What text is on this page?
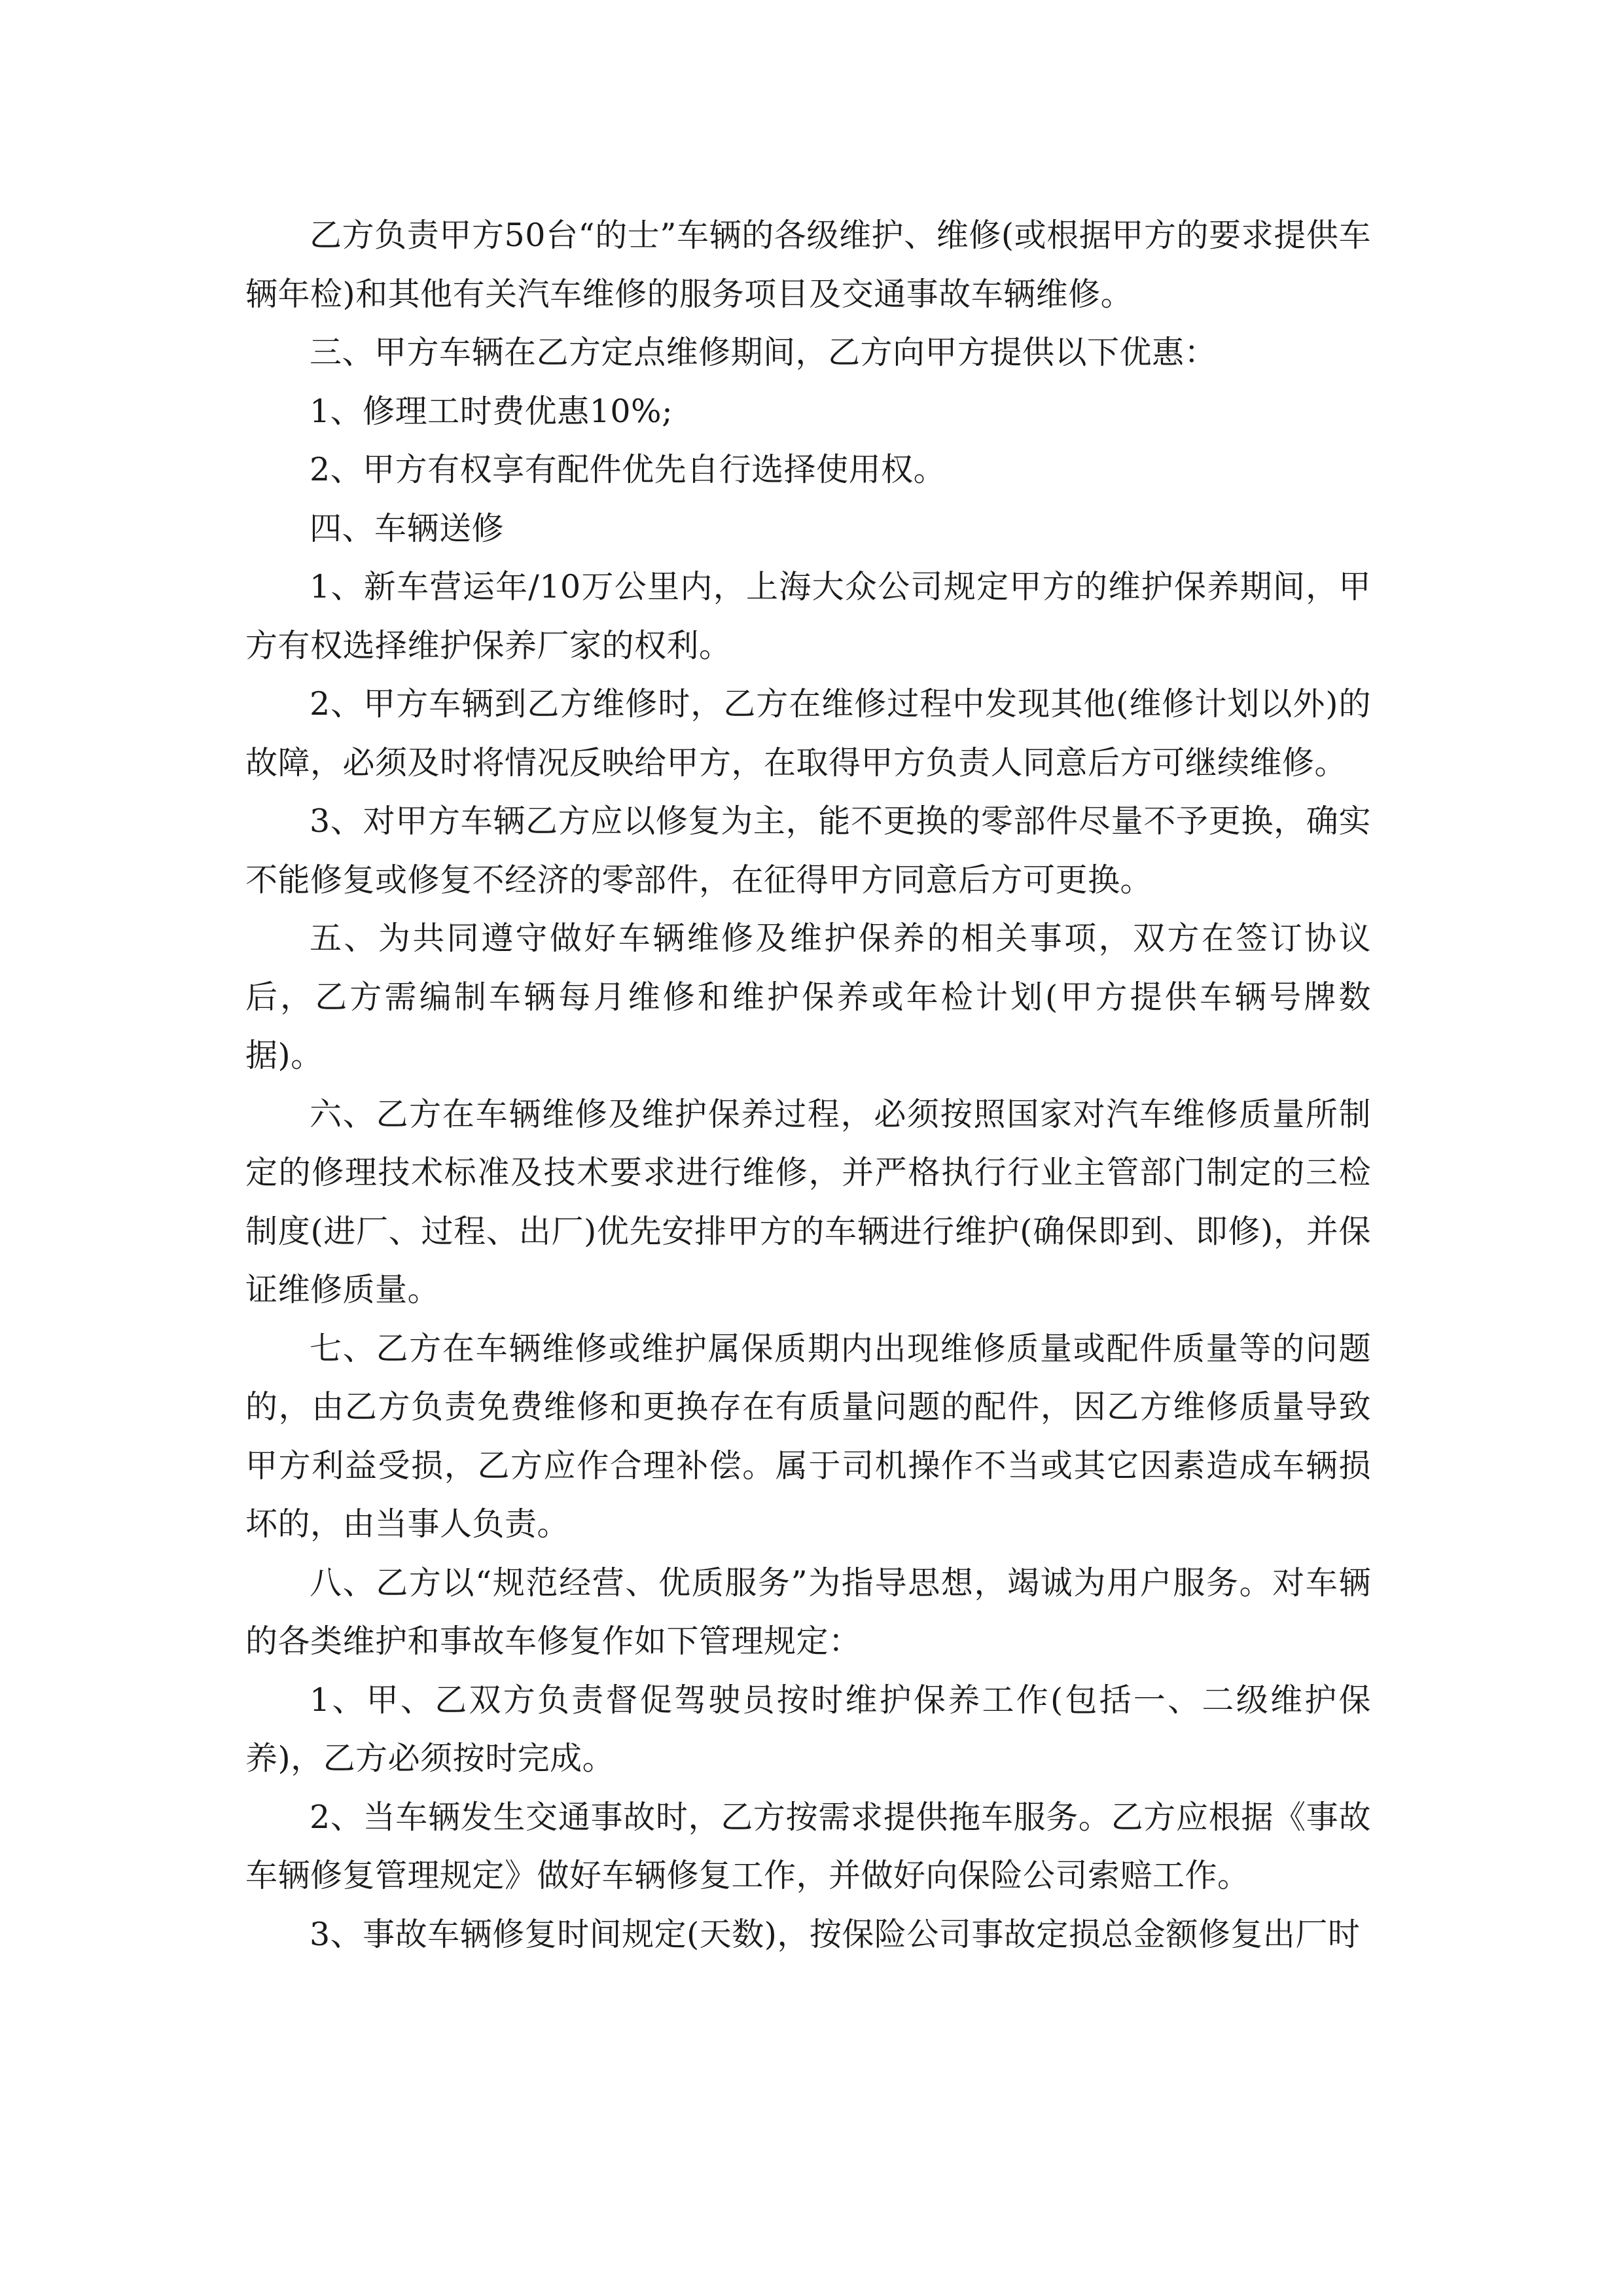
乙方负责甲方50台“的士”车辆的各级维护、维修(或根据甲方的要求提供车辆年检)和其他有关汽车维修的服务项目及交通事故车辆维修。

三、甲方车辆在乙方定点维修期间，乙方向甲方提供以下优惠：

1、修理工时费优惠10%;

2、甲方有权享有配件优先自行选择使用权。

四、车辆送修

1、新车营运年/10万公里内，上海大众公司规定甲方的维护保养期间，甲方有权选择维护保养厂家的权利。

2、甲方车辆到乙方维修时，乙方在维修过程中发现其他(维修计划以外)的故障，必须及时将情况反映给甲方，在取得甲方负责人同意后方可继续维修。

3、对甲方车辆乙方应以修复为主，能不更换的零部件尽量不予更换，确实不能修复或修复不经济的零部件，在征得甲方同意后方可更换。

五、为共同遵守做好车辆维修及维护保养的相关事项，双方在签订协议后，乙方需编制车辆每月维修和维护保养或年检计划(甲方提供车辆号牌数据)。

六、乙方在车辆维修及维护保养过程，必须按照国家对汽车维修质量所制定的修理技术标准及技术要求进行维修，并严格执行行业主管部门制定的三检制度(进厂、过程、出厂)优先安排甲方的车辆进行维护(确保即到、即修)，并保证维修质量。

七、乙方在车辆维修或维护属保质期内出现维修质量或配件质量等的问题的，由乙方负责免费维修和更换存在有质量问题的配件，因乙方维修质量导致甲方利益受损，乙方应作合理补偿。属于司机操作不当或其它因素造成车辆损坏的，由当事人负责。

八、乙方以“规范经营、优质服务”为指导思想，竭诚为用户服务。对车辆的各类维护和事故车修复作如下管理规定：

1、甲、乙双方负责督促驾驶员按时维护保养工作(包括一、二级维护保养)，乙方必须按时完成。

2、当车辆发生交通事故时，乙方按需求提供拖车服务。乙方应根据《事故车辆修复管理规定》做好车辆修复工作，并做好向保险公司索赔工作。

3、事故车辆修复时间规定(天数)，按保险公司事故定损总金额修复出厂时
